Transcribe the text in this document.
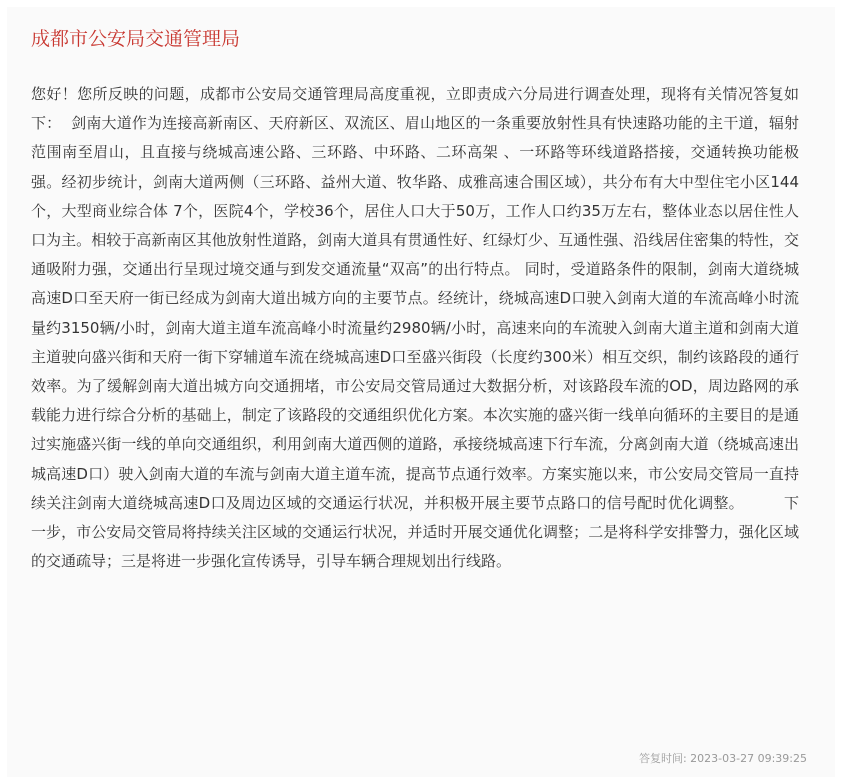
成都市公安局交通管理局

您好！您所反映的问题，成都市公安局交通管理局高度重视，立即责成六分局进行调查处理，现将有关情况答复如下：  剑南大道作为连接高新南区、天府新区、双流区、眉山地区的一条重要放射性具有快速路功能的主干道，辐射范围南至眉山，且直接与绕城高速公路、三环路、中环路、二环高架 、一环路等环线道路搭接，交通转换功能极强。经初步统计，剑南大道两侧（三环路、益州大道、牧华路、成雅高速合围区域），共分布有大中型住宅小区144个，大型商业综合体 7个，医院4个，学校36个，居住人口大于50万，工作人口约35万左右，整体业态以居住性人口为主。相较于高新南区其他放射性道路，剑南大道具有贯通性好、红绿灯少、互通性强、沿线居住密集的特性，交通吸附力强，交通出行呈现过境交通与到发交通流量“双高”的出行特点。 同时，受道路条件的限制，剑南大道绕城高速D口至天府一街已经成为剑南大道出城方向的主要节点。经统计，绕城高速D口驶入剑南大道的车流高峰小时流量约3150辆/小时，剑南大道主道车流高峰小时流量约2980辆/小时，高速来向的车流驶入剑南大道主道和剑南大道主道驶向盛兴街和天府一街下穿辅道车流在绕城高速D口至盛兴街段（长度约300米）相互交织，制约该路段的通行效率。为了缓解剑南大道出城方向交通拥堵，市公安局交管局通过大数据分析，对该路段车流的OD，周边路网的承载能力进行综合分析的基础上，制定了该路段的交通组织优化方案。本次实施的盛兴街一线单向循环的主要目的是通过实施盛兴街一线的单向交通组织，利用剑南大道西侧的道路，承接绕城高速下行车流，分离剑南大道（绕城高速出城高速D口）驶入剑南大道的车流与剑南大道主道车流，提高节点通行效率。方案实施以来，市公安局交管局一直持续关注剑南大道绕城高速D口及周边区域的交通运行状况，并积极开展主要节点路口的信号配时优化调整。        下一步，市公安局交管局将持续关注区域的交通运行状况，并适时开展交通优化调整；二是将科学安排警力，强化区域的交通疏导；三是将进一步强化宣传诱导，引导车辆合理规划出行线路。

答复时间: 2023-03-27 09:39:25
